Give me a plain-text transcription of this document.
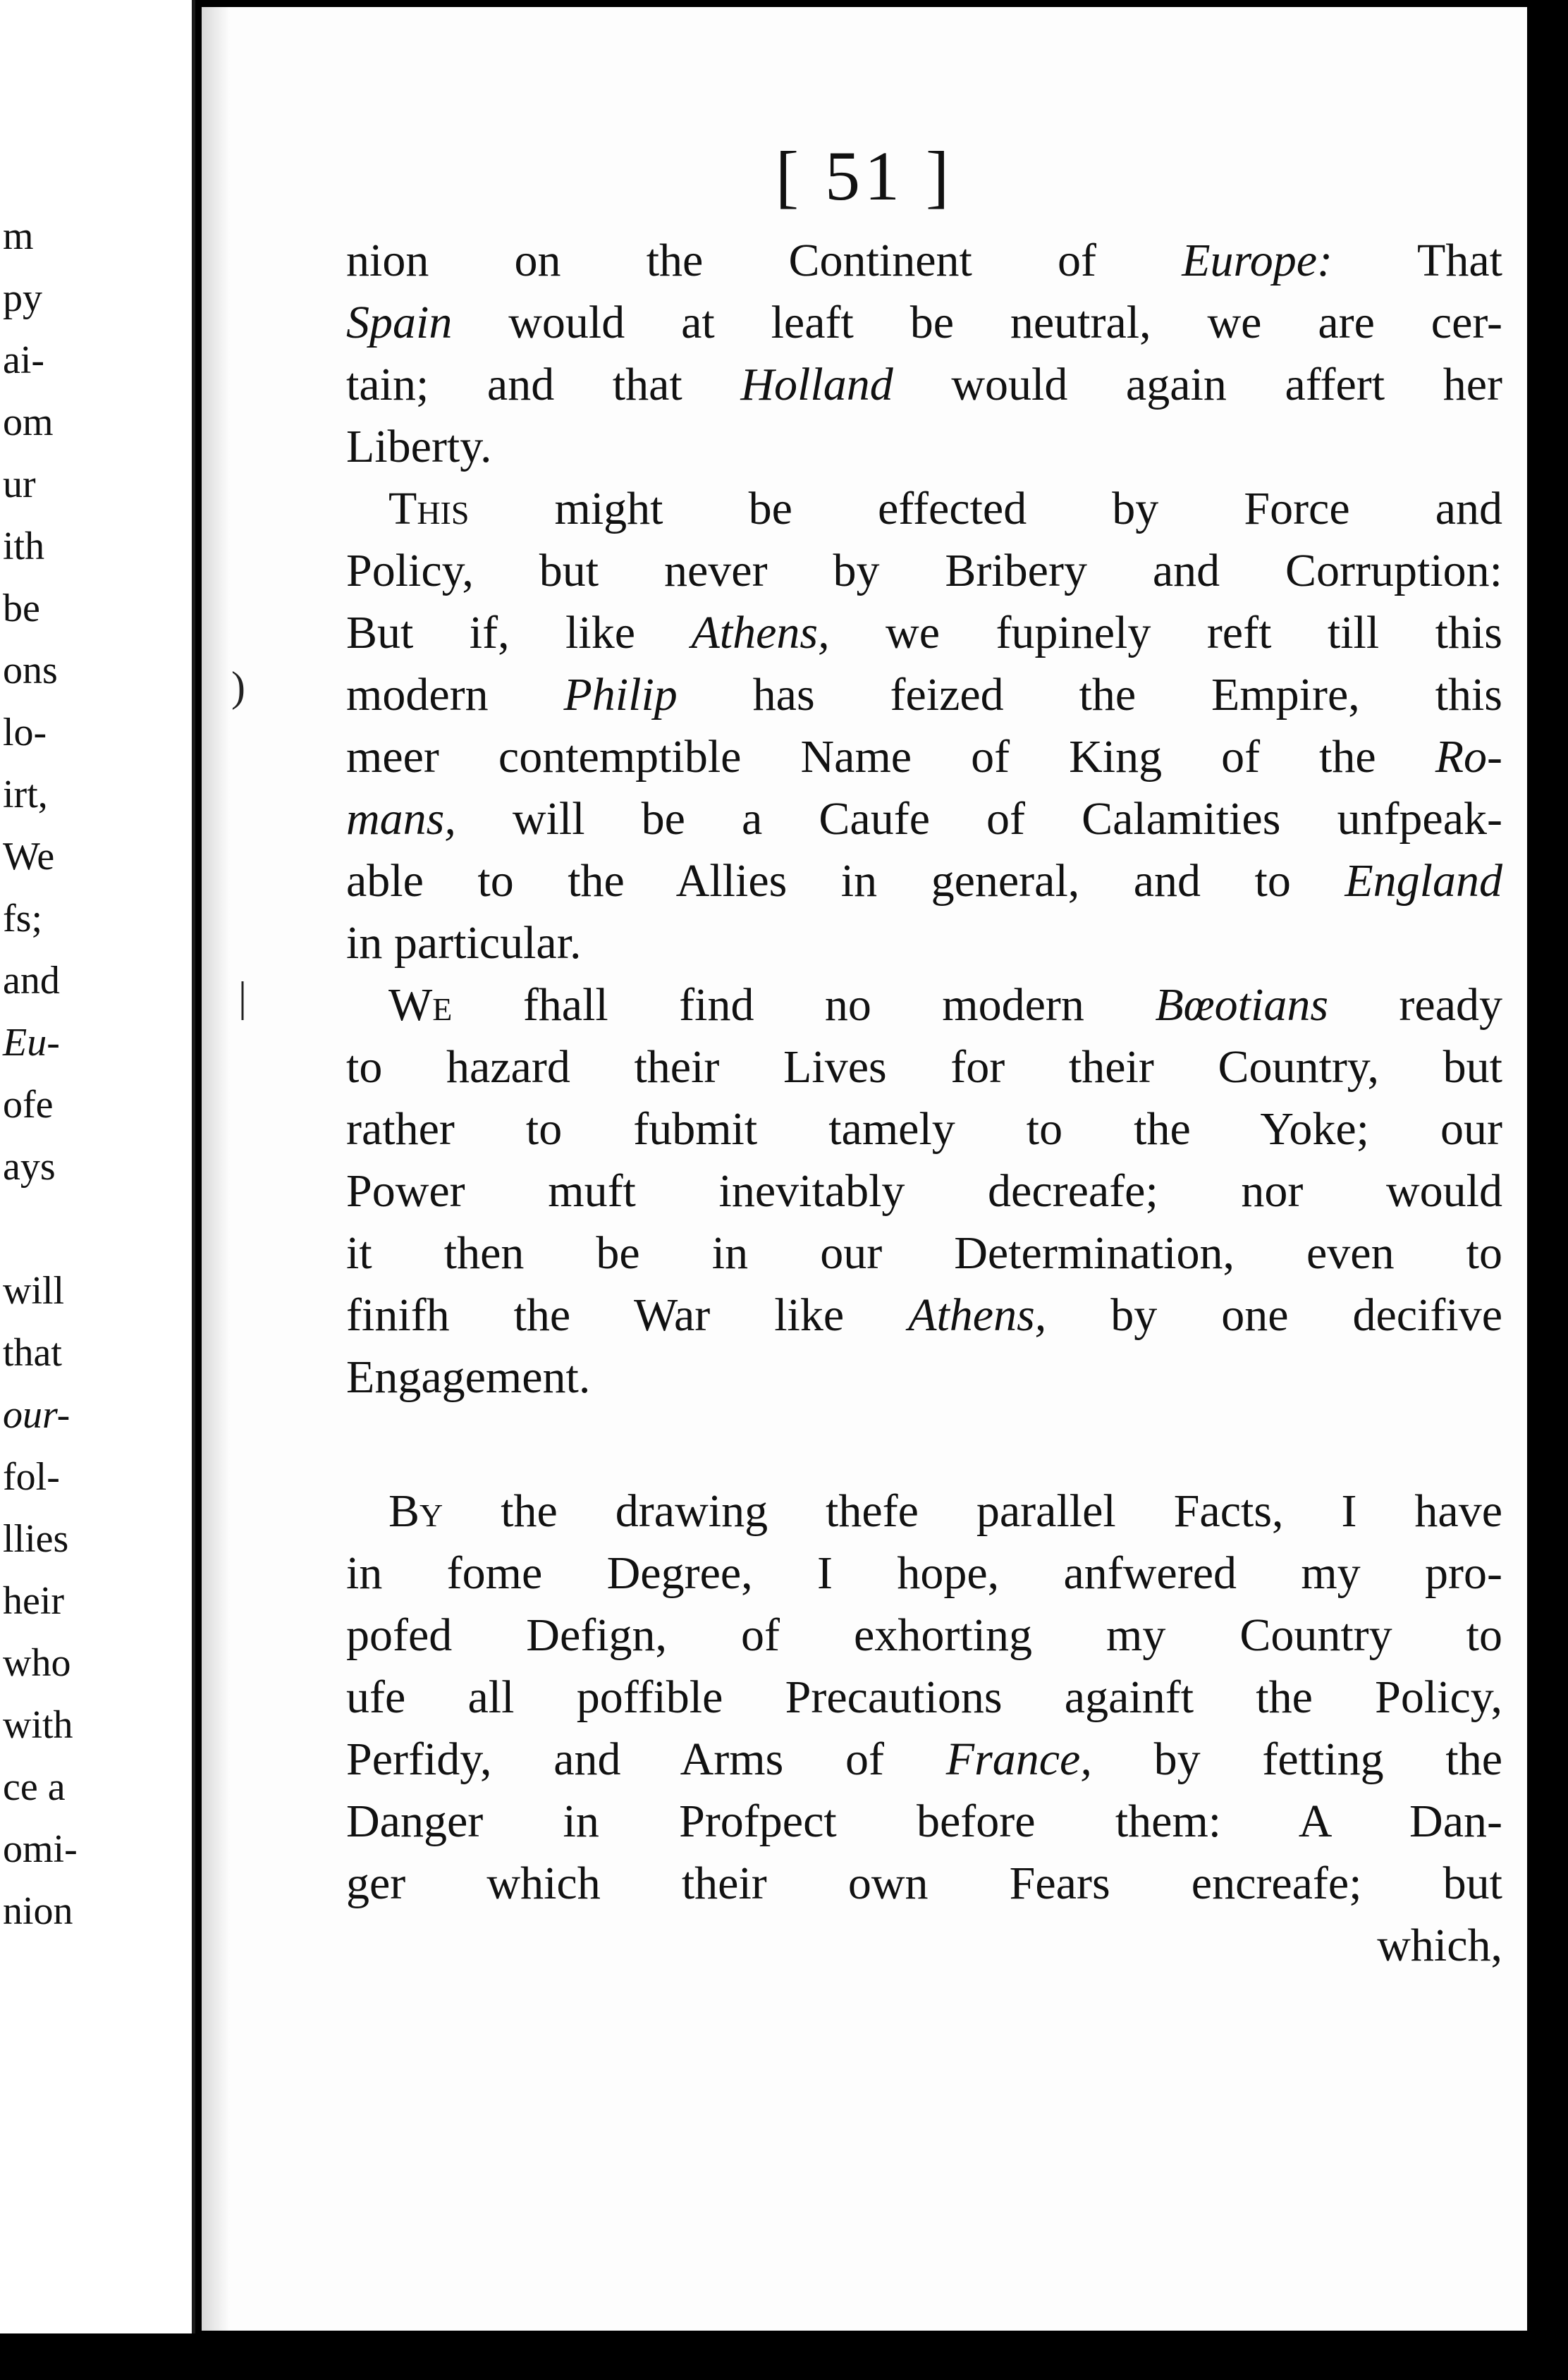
m

py

ai-

om

ur

ith

be

ons

lo-

irt,

We

fs;

and

Eu-

ofe

ays

will

that

our-

fol-

llies

heir

who

with

ce a

omi-

nion

)
|

[ 51 ]

nion on the Continent of Europe: That

Spain would at leaft be neutral, we are cer-

tain; and that Holland would again affert her

Liberty.

This might be effected by Force and

Policy, but never by Bribery and Corruption:

But if, like Athens, we fupinely reft till this

modern Philip has feized the Empire, this

meer contemptible Name of King of the Ro-

mans, will be a Caufe of Calamities unfpeak-

able to the Allies in general, and to England

in particular.

We fhall find no modern Bœotians ready

to hazard their Lives for their Country, but

rather to fubmit tamely to the Yoke; our

Power muft inevitably decreafe; nor would

it then be in our Determination, even to

finifh the War like Athens, by one decifive

Engagement.

By the drawing thefe parallel Facts, I have

in fome Degree, I hope, anfwered my pro-

pofed Defign, of exhorting my Country to

ufe all poffible Precautions againft the Policy,

Perfidy, and Arms of France, by fetting the

Danger in Profpect before them: A Dan-

ger which their own Fears encreafe; but

which,
